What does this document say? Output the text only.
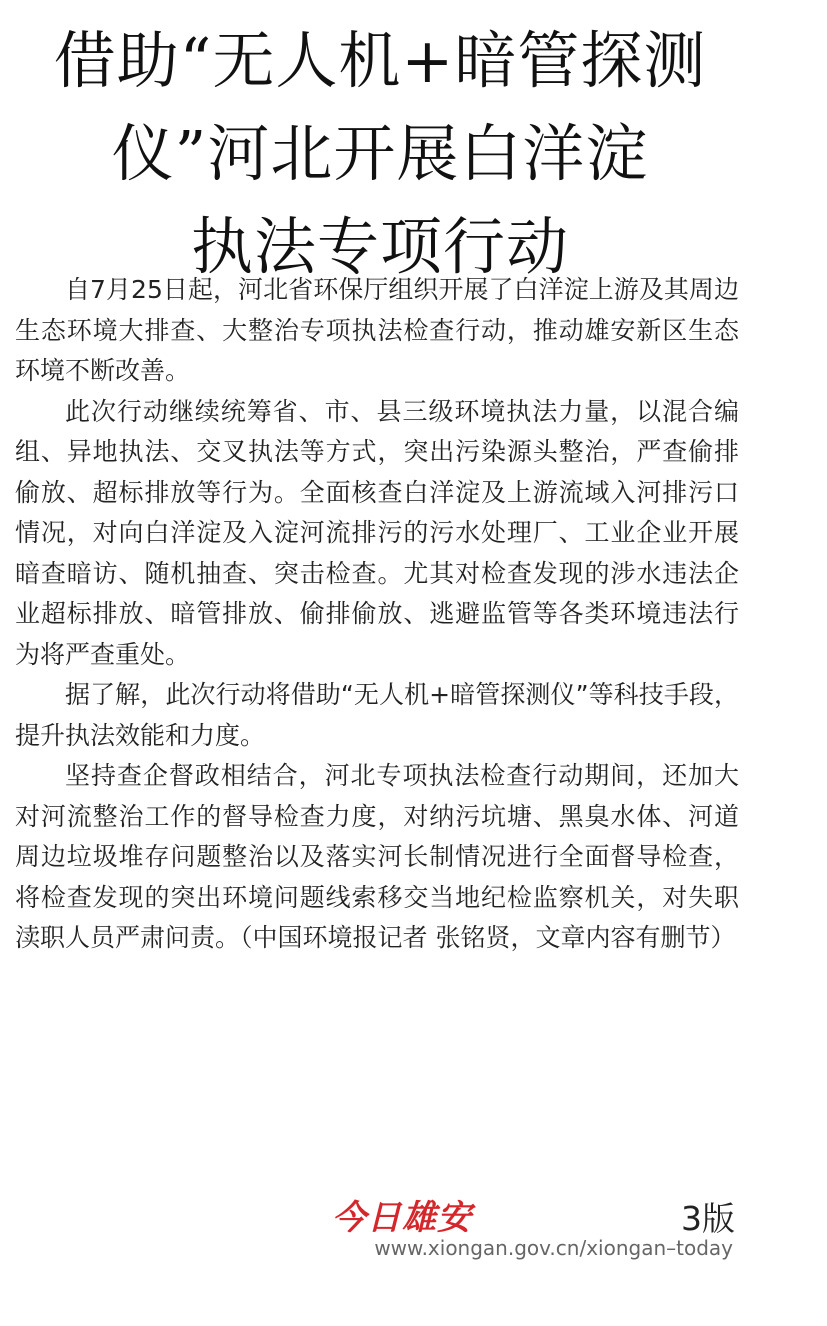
借助“无人机+暗管探测
仪”河北开展白洋淀
执法专项行动

自7月25日起，河北省环保厅组织开展了白洋淀上游及其周边生态环境大排查、大整治专项执法检查行动，推动雄安新区生态环境不断改善。

此次行动继续统筹省、市、县三级环境执法力量，以混合编组、异地执法、交叉执法等方式，突出污染源头整治，严查偷排偷放、超标排放等行为。全面核查白洋淀及上游流域入河排污口情况，对向白洋淀及入淀河流排污的污水处理厂、工业企业开展暗查暗访、随机抽查、突击检查。尤其对检查发现的涉水违法企业超标排放、暗管排放、偷排偷放、逃避监管等各类环境违法行为将严查重处。

据了解，此次行动将借助“无人机+暗管探测仪”等科技手段，提升执法效能和力度。

坚持查企督政相结合，河北专项执法检查行动期间，还加大对河流整治工作的督导检查力度，对纳污坑塘、黑臭水体、河道周边垃圾堆存问题整治以及落实河长制情况进行全面督导检查，将检查发现的突出环境问题线索移交当地纪检监察机关，对失职渎职人员严肃问责。（中国环境报记者 张铭贤，文章内容有删节）

今日雄安	3版
www.xiongan.gov.cn/xiongan–today
